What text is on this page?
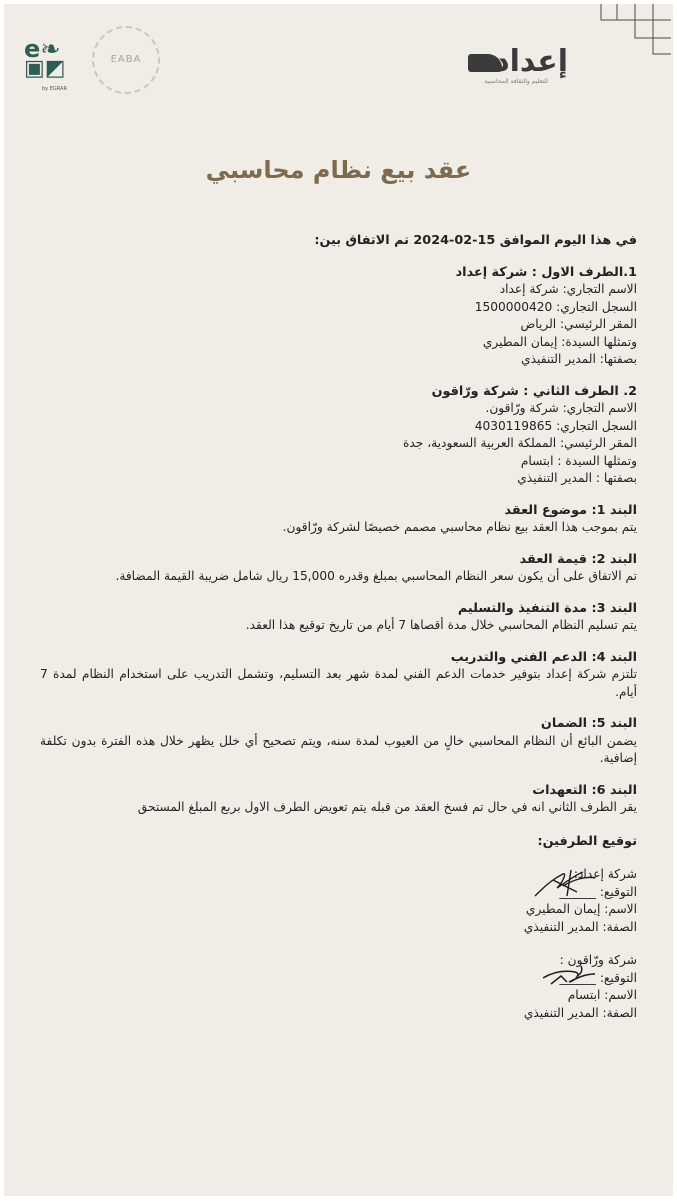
إعداد
للتعليم والثقافة المحاسبية
EABA
e❧
▣◩
by EGRAR
عقد بيع نظام محاسبي

في هذا اليوم الموافق 15-02-2024 تم الاتفاق بين:

1.الطرف الاول : شركة إعداد

الاسم التجاري: شركة إعداد

السجل التجاري: 1500000420

المقر الرئيسي: الرياض

وتمثلها السيدة: إيمان المطيري

بصفتها: المدير التنفيذي

2. الطرف الثاني : شركة ورّاقون

الاسم التجاري: شركة ورّاقون.

السجل التجاري: 4030119865

المقر الرئيسي: المملكة العربية السعودية، جدة

وتمثلها السيدة : ابتسام

بصفتها : المدير التنفيذي

البند 1: موضوع العقد

يتم بموجب هذا العقد بيع نظام محاسبي مصمم خصيصًا لشركة ورّاقون.

البند 2: قيمة العقد

تم الاتفاق على أن يكون سعر النظام المحاسبي بمبلغ وقدره 15,000 ريال شامل ضريبة القيمة المضافة.

البند 3: مدة التنفيذ والتسليم

يتم تسليم النظام المحاسبي خلال مدة أقصاها 7 أيام من تاريخ توقيع هذا العقد.

البند 4: الدعم الفني والتدريب

تلتزم شركة إعداد بتوفير خدمات الدعم الفني لمدة شهر بعد التسليم، وتشمل التدريب على استخدام النظام لمدة 7 أيام.

البند 5: الضمان

يضمن البائع أن النظام المحاسبي خالٍ من العيوب لمدة سنه، ويتم تصحيح أي خلل يظهر خلال هذه الفترة بدون تكلفة إضافية.

البند 6: التعهدات

يقر الطرف الثاني انه في حال تم فسخ العقد من قبله يتم تعويض الطرف الاول بربع المبلغ المستحق

توقيع الطرفين:

شركة إعداد:

التوقيع: ______

الاسم: إيمان المطيري

الصفة: المدير التنفيذي

شركة ورّاقون :

التوقيع: ______

الاسم: ابتسام

الصفة: المدير التنفيذي
